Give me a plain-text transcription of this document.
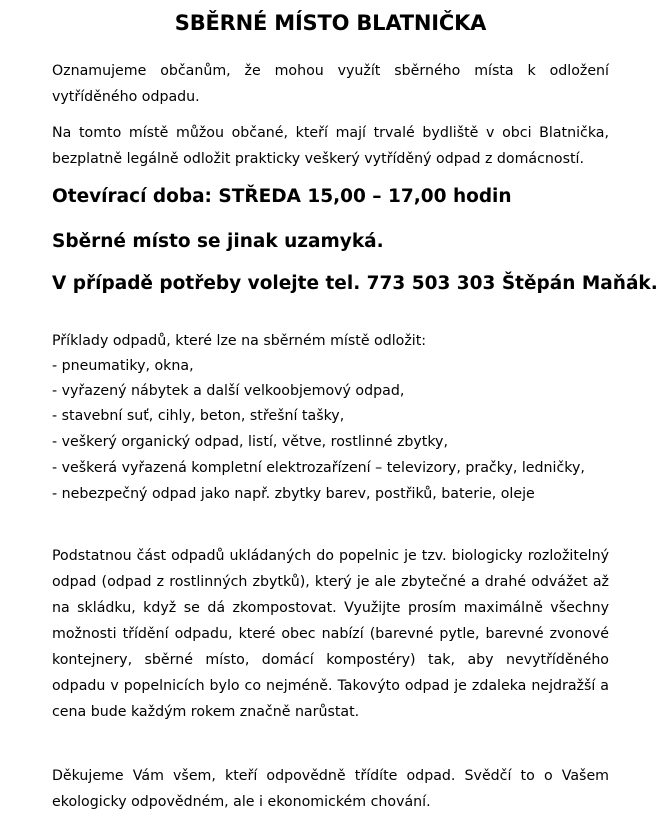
SBĚRNÉ MÍSTO BLATNIČKA
Oznamujeme občanům, že mohou využít sběrného místa k odložení vytříděného odpadu.
Na tomto místě můžou občané, kteří mají trvalé bydliště v obci Blatnička, bezplatně legálně odložit prakticky veškerý vytříděný odpad z domácností.
Otevírací doba: STŘEDA 15,00 – 17,00 hodin
Sběrné místo se jinak uzamyká.
V případě potřeby volejte tel. 773 503 303 Štěpán Maňák.
Příklady odpadů, které lze na sběrném místě odložit:
- pneumatiky, okna,
- vyřazený nábytek a další velkoobjemový odpad,
- stavební suť, cihly, beton, střešní tašky,
- veškerý organický odpad, listí, větve, rostlinné zbytky,
- veškerá vyřazená kompletní elektrozařízení – televizory, pračky, ledničky,
- nebezpečný odpad jako např. zbytky barev, postřiků, baterie, oleje
Podstatnou část odpadů ukládaných do popelnic je tzv. biologicky rozložitelný odpad (odpad z rostlinných zbytků), který je ale zbytečné a drahé odvážet až na skládku, když se dá zkompostovat. Využijte prosím maximálně všechny možnosti třídění odpadu, které obec nabízí (barevné pytle, barevné zvonové kontejnery, sběrné místo, domácí kompostéry) tak, aby nevytříděného odpadu v popelnicích bylo co nejméně. Takovýto odpad je zdaleka nejdražší a cena bude každým rokem značně narůstat.
Děkujeme Vám všem, kteří odpovědně třídíte odpad. Svědčí to o Vašem ekologicky odpovědném, ale i ekonomickém chování.
